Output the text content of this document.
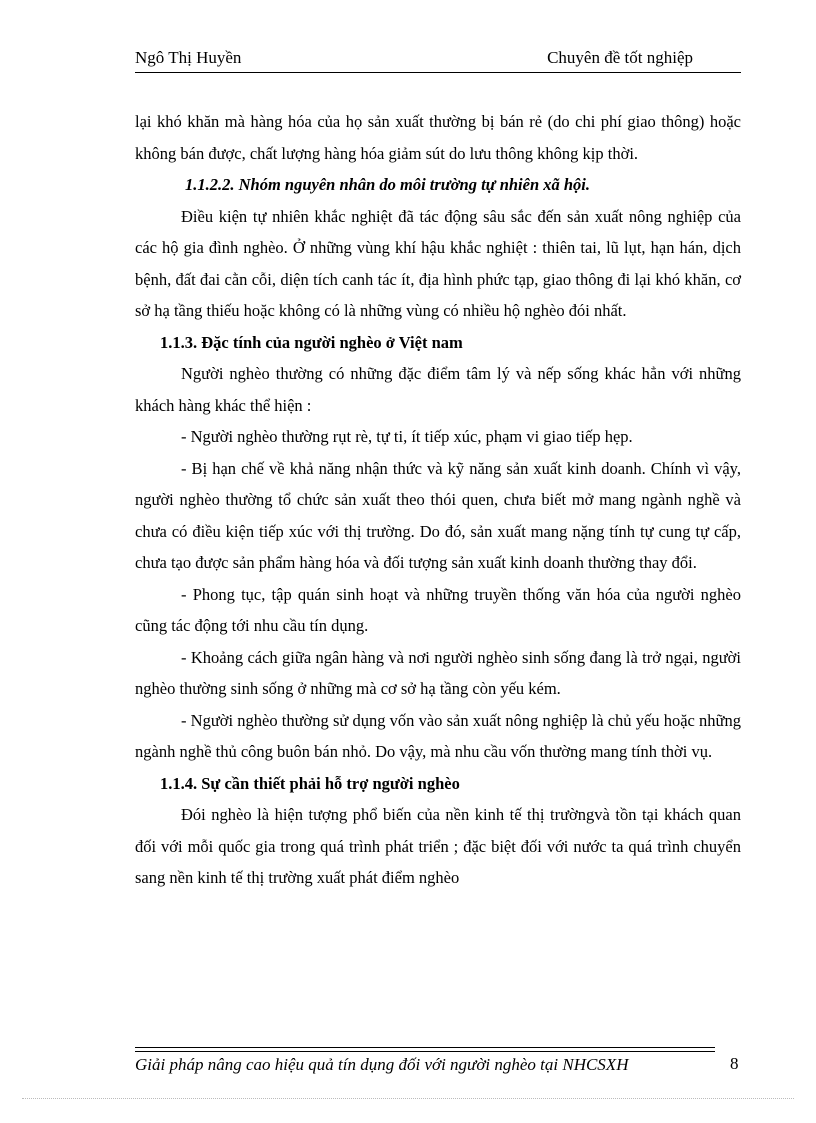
Ngô Thị Huyền	Chuyên đề tốt nghiệp

lại khó khăn mà hàng hóa của họ sản xuất thường bị bán rẻ (do chi phí giao thông) hoặc không bán được, chất lượng hàng hóa giảm sút do lưu thông không kịp thời.

1.1.2.2. Nhóm nguyên nhân do môi trường tự nhiên xã hội.

Điều kiện tự nhiên khắc nghiệt đã tác động sâu sắc đến sản xuất nông nghiệp của các hộ gia đình nghèo. Ở những vùng khí hậu khắc nghiệt : thiên tai, lũ lụt, hạn hán, dịch bệnh, đất đai cằn cỗi, diện tích canh tác ít, địa hình phức tạp, giao thông đi lại khó khăn, cơ sở hạ tầng thiếu hoặc không có là những vùng có nhiều hộ nghèo đói nhất.

1.1.3. Đặc tính của người nghèo ở Việt nam

Người nghèo thường có những đặc điểm tâm lý và nếp sống khác hẳn với những khách hàng khác thể hiện :

- Người nghèo thường rụt rè, tự ti, ít tiếp xúc, phạm vi giao tiếp hẹp.

- Bị hạn chế về khả năng nhận thức và kỹ năng sản xuất kinh doanh. Chính vì vậy, người nghèo thường tổ chức sản xuất theo thói quen, chưa biết mở mang ngành nghề và chưa có điều kiện tiếp xúc với thị trường. Do đó, sản xuất mang nặng tính tự cung tự cấp, chưa tạo được sản phẩm hàng hóa và đối tượng sản xuất kinh doanh thường thay đổi.

- Phong tục, tập quán sinh hoạt và những truyền thống văn hóa của người nghèo cũng tác động tới nhu cầu tín dụng.

- Khoảng cách giữa ngân hàng và nơi người nghèo sinh sống đang là trở ngại, người nghèo thường sinh sống ở những mà cơ sở hạ tầng còn yếu kém.

- Người nghèo thường sử dụng vốn vào sản xuất nông nghiệp là chủ yếu hoặc những ngành nghề thủ công buôn bán nhỏ. Do vậy, mà nhu cầu vốn thường mang tính thời vụ.

1.1.4. Sự cần thiết phải hỗ trợ người nghèo

Đói nghèo là hiện tượng phổ biến của nền kinh tế thị trườngvà tồn tại khách quan đối với mỗi quốc gia trong quá trình phát triển ; đặc biệt đối với nước ta quá trình chuyển sang nền kinh tế thị trường xuất phát điểm nghèo

Giải pháp nâng cao hiệu quả tín dụng đối với người nghèo tại NHCSXH	8
